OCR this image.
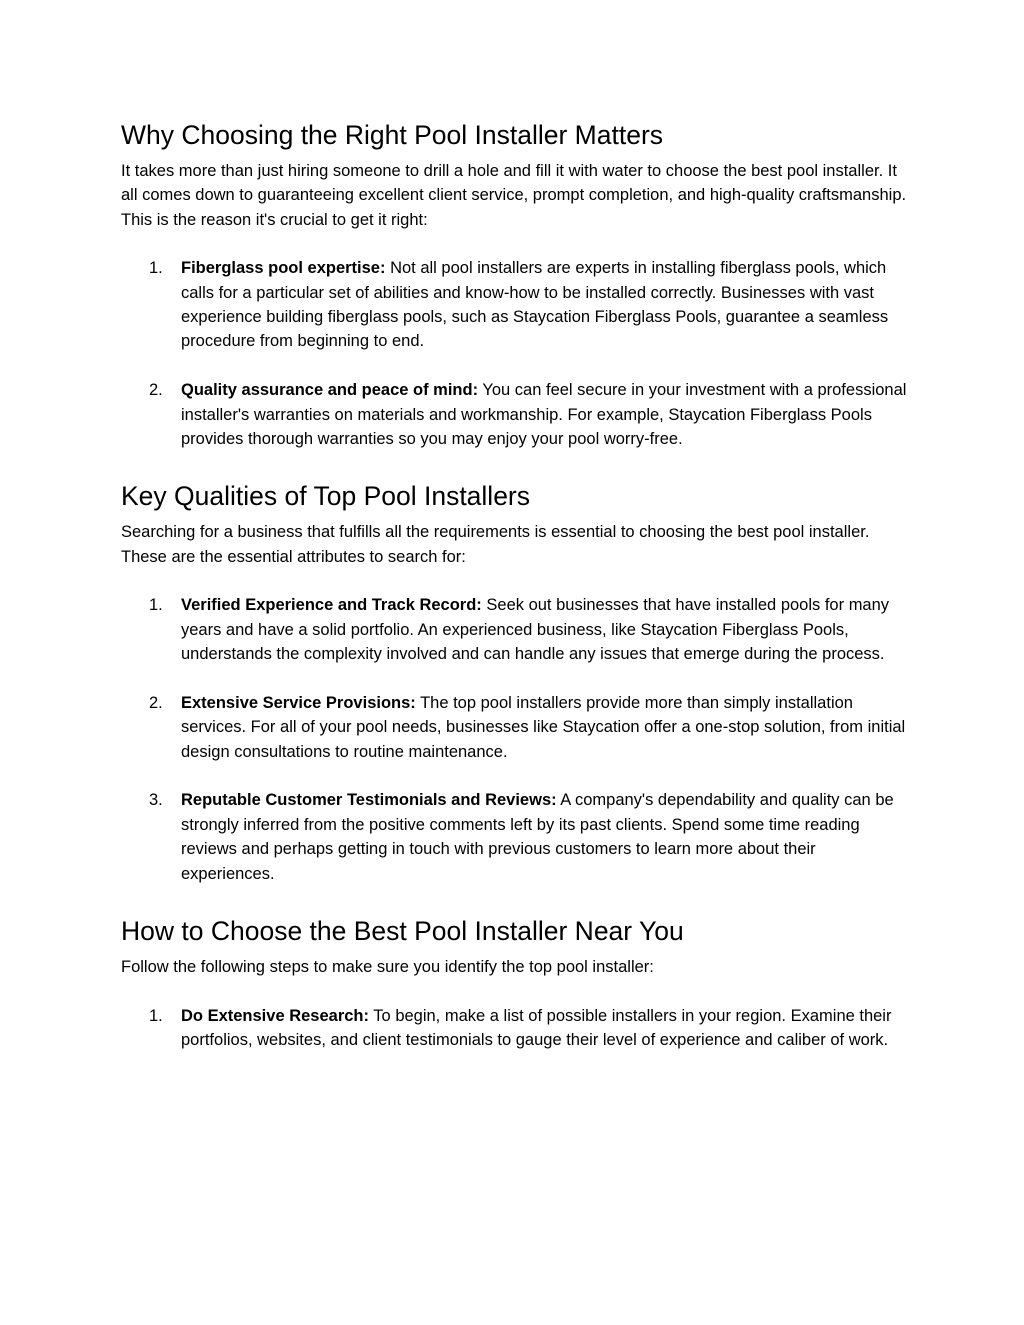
Why Choosing the Right Pool Installer Matters

It takes more than just hiring someone to drill a hole and fill it with water to choose the best pool installer. It all comes down to guaranteeing excellent client service, prompt completion, and high-quality craftsmanship. This is the reason it's crucial to get it right:

1. Fiberglass pool expertise: Not all pool installers are experts in installing fiberglass pools, which calls for a particular set of abilities and know-how to be installed correctly. Businesses with vast experience building fiberglass pools, such as Staycation Fiberglass Pools, guarantee a seamless procedure from beginning to end.
2. Quality assurance and peace of mind: You can feel secure in your investment with a professional installer's warranties on materials and workmanship. For example, Staycation Fiberglass Pools provides thorough warranties so you may enjoy your pool worry-free.
Key Qualities of Top Pool Installers

Searching for a business that fulfills all the requirements is essential to choosing the best pool installer. These are the essential attributes to search for:

1. Verified Experience and Track Record: Seek out businesses that have installed pools for many years and have a solid portfolio. An experienced business, like Staycation Fiberglass Pools, understands the complexity involved and can handle any issues that emerge during the process.
2. Extensive Service Provisions: The top pool installers provide more than simply installation services. For all of your pool needs, businesses like Staycation offer a one-stop solution, from initial design consultations to routine maintenance.
3. Reputable Customer Testimonials and Reviews: A company's dependability and quality can be strongly inferred from the positive comments left by its past clients. Spend some time reading reviews and perhaps getting in touch with previous customers to learn more about their experiences.
How to Choose the Best Pool Installer Near You

Follow the following steps to make sure you identify the top pool installer:

1. Do Extensive Research: To begin, make a list of possible installers in your region. Examine their portfolios, websites, and client testimonials to gauge their level of experience and caliber of work.
